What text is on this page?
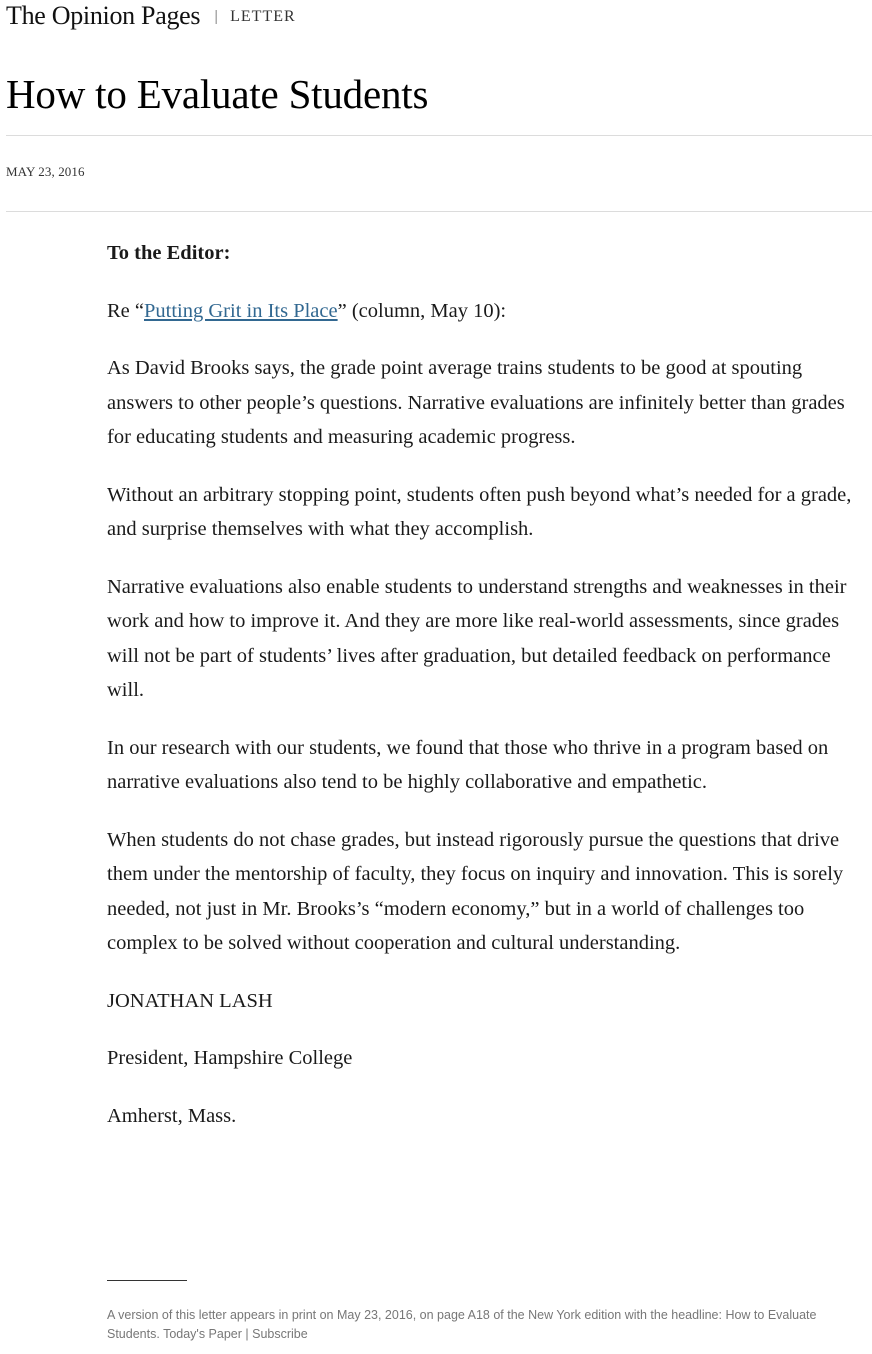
The Opinion Pages | LETTER
How to Evaluate Students
MAY 23, 2016

To the Editor:

Re “Putting Grit in Its Place” (column, May 10):

As David Brooks says, the grade point average trains students to be good at spouting answers to other people’s questions. Narrative evaluations are infinitely better than grades for educating students and measuring academic progress.

Without an arbitrary stopping point, students often push beyond what’s needed for a grade, and surprise themselves with what they accomplish.

Narrative evaluations also enable students to understand strengths and weaknesses in their work and how to improve it. And they are more like real-world assessments, since grades will not be part of students’ lives after graduation, but detailed feedback on performance will.

In our research with our students, we found that those who thrive in a program based on narrative evaluations also tend to be highly collaborative and empathetic.

When students do not chase grades, but instead rigorously pursue the questions that drive them under the mentorship of faculty, they focus on inquiry and innovation. This is sorely needed, not just in Mr. Brooks’s “modern economy,” but in a world of challenges too complex to be solved without cooperation and cultural understanding.

JONATHAN LASH

President, Hampshire College

Amherst, Mass.

A version of this letter appears in print on May 23, 2016, on page A18 of the New York edition with the headline: How to Evaluate Students. Today's Paper | Subscribe
